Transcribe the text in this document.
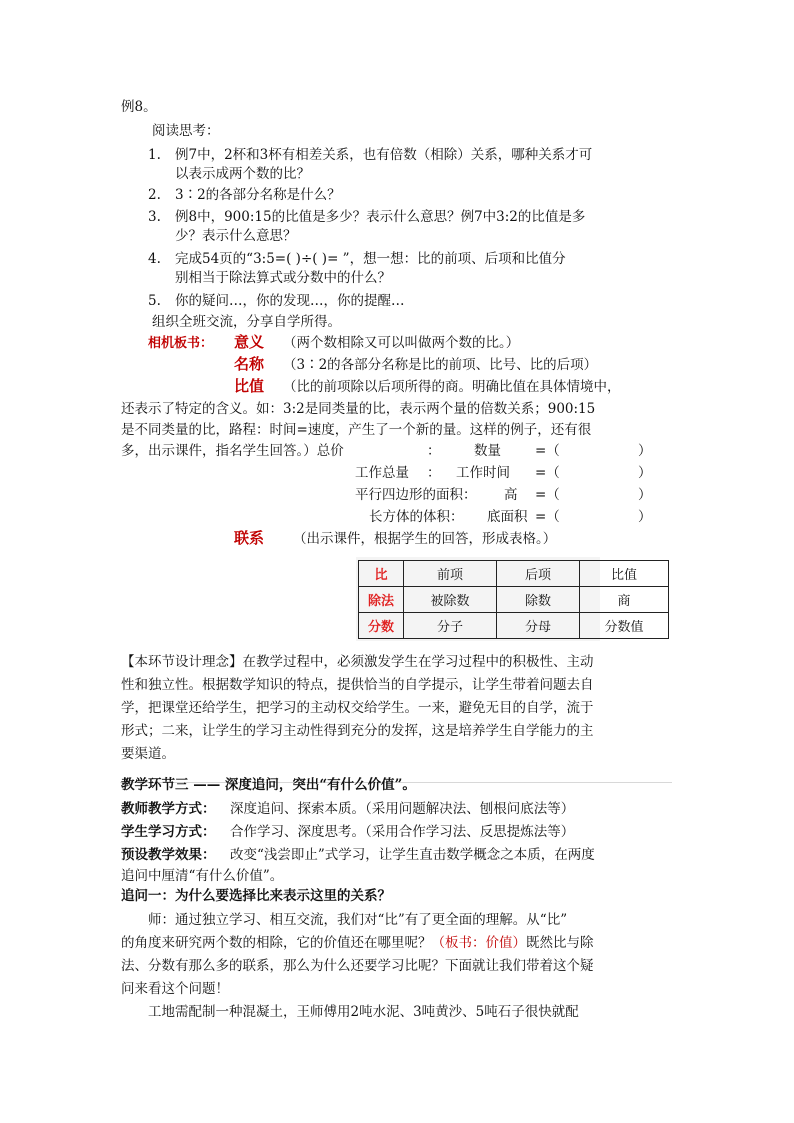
例8。
阅读思考：
1. 例7中，2杯和3杯有相差关系，也有倍数（相除）关系，哪种关系才可
以表示成两个数的比？
2. 3∶2的各部分名称是什么？
3. 例8中，900:15的比值是多少？表示什么意思？例7中3:2的比值是多
少？表示什么意思？
4. 完成54页的“3:5=( )÷( )= ”，想一想：比的前项、后项和比值分
别相当于除法算式或分数中的什么？
5. 你的疑问…，你的发现…，你的提醒…
组织全班交流，分享自学所得。
相机板书： 意义 （两个数相除又可以叫做两个数的比。）
名称 （3∶2的各部分名称是比的前项、比号、比的后项）
比值 （比的前项除以后项所得的商。明确比值在具体情境中，
还表示了特定的含义。如：3:2是同类量的比，表示两个量的倍数关系；900:15
是不同类量的比，路程：时间=速度，产生了一个新的量。这样的例子，还有很
多，出示课件，指名学生回答。）总价	： 数量	=（	）
工作总量 ： 工作时间 =（	）
平行四边形的面积： 高 =（	）
长方体的体积： 底面积 =（	）
联系 （出示课件，根据学生的回答，形成表格。）
比	前项	后项	比值
除法	被除数	除数	商
分数	分子	分母	分数值
【本环节设计理念】在教学过程中，必须激发学生在学习过程中的积极性、主动
性和独立性。根据数学知识的特点，提供恰当的自学提示，让学生带着问题去自
学，把课堂还给学生，把学习的主动权交给学生。一来，避免无目的自学，流于
形式；二来，让学生的学习主动性得到充分的发挥，这是培养学生自学能力的主
要渠道。
教学环节三 —— 深度追问，突出“有什么价值”。
教师教学方式： 深度追问、探索本质。（采用问题解决法、刨根问底法等）
学生学习方式： 合作学习、深度思考。（采用合作学习法、反思提炼法等）
预设教学效果： 改变“浅尝即止”式学习，让学生直击数学概念之本质，在两度
追问中厘清“有什么价值”。
追问一：为什么要选择比来表示这里的关系？
师：通过独立学习、相互交流，我们对“比”有了更全面的理解。从“比”
的角度来研究两个数的相除，它的价值还在哪里呢？（板书：价值）既然比与除
法、分数有那么多的联系，那么为什么还要学习比呢？下面就让我们带着这个疑
问来看这个问题！
工地需配制一种混凝土，王师傅用2吨水泥、3吨黄沙、5吨石子很快就配
